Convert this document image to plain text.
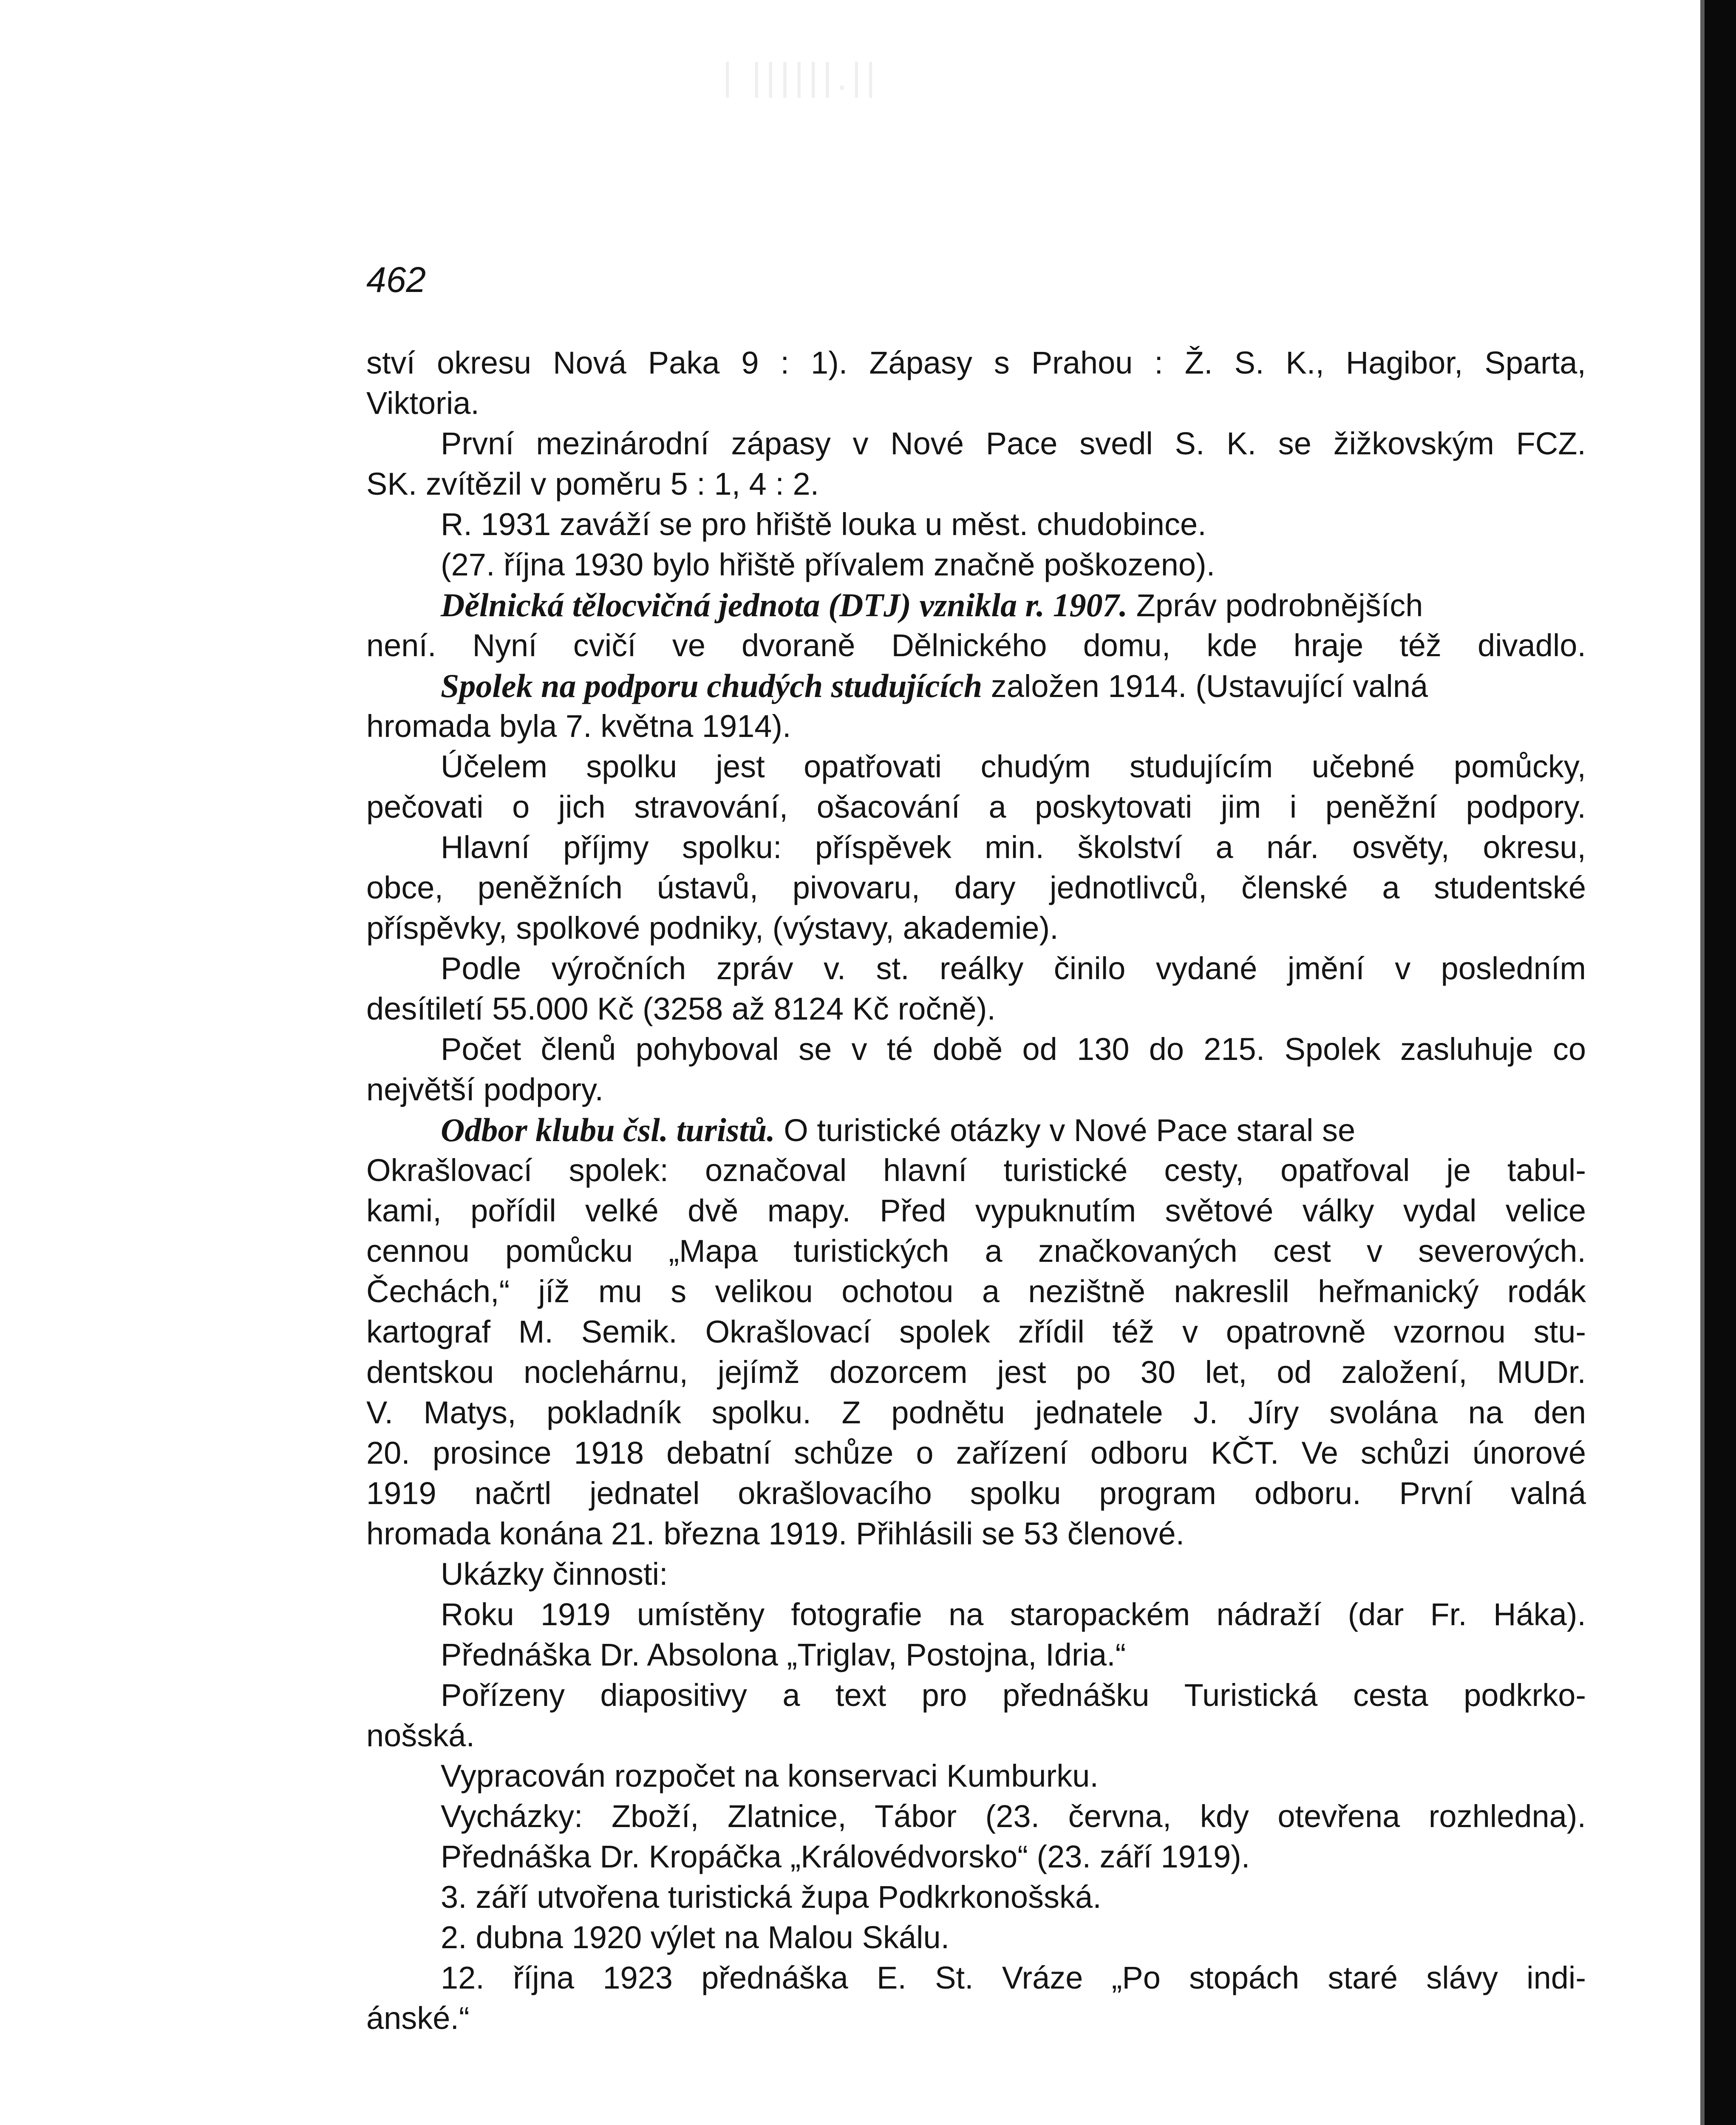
| ||||||.||
462
ství okresu Nová Paka 9 : 1). Zápasy s Prahou : Ž. S. K., Hagibor, Sparta,
Viktoria.
První mezinárodní zápasy v Nové Pace svedl S. K. se žižkovským FCZ.
SK. zvítězil v poměru 5 : 1, 4 : 2.
R. 1931 zaváží se pro hřiště louka u měst. chudobince.
(27. října 1930 bylo hřiště přívalem značně poškozeno).
Dělnická tělocvičná jednota (DTJ) vznikla r. 1907. Zpráv podrobnějších
není. Nyní cvičí ve dvoraně Dělnického domu, kde hraje též divadlo.
Spolek na podporu chudých studujících založen 1914. (Ustavující valná
hromada byla 7. května 1914).
Účelem spolku jest opatřovati chudým studujícím učebné pomůcky,
pečovati o jich stravování, ošacování a poskytovati jim i peněžní podpory.
Hlavní příjmy spolku: příspěvek min. školství a nár. osvěty, okresu,
obce, peněžních ústavů, pivovaru, dary jednotlivců, členské a studentské
příspěvky, spolkové podniky, (výstavy, akademie).
Podle výročních zpráv v. st. reálky činilo vydané jmění v posledním
desítiletí 55.000 Kč (3258 až 8124 Kč ročně).
Počet členů pohyboval se v té době od 130 do 215. Spolek zasluhuje co
největší podpory.
Odbor klubu čsl. turistů. O turistické otázky v Nové Pace staral se
Okrašlovací spolek: označoval hlavní turistické cesty, opatřoval je tabul-
kami, pořídil velké dvě mapy. Před vypuknutím světové války vydal velice
cennou pomůcku „Mapa turistických a značkovaných cest v severových.
Čechách,“ jíž mu s velikou ochotou a nezištně nakreslil heřmanický rodák
kartograf M. Semik. Okrašlovací spolek zřídil též v opatrovně vzornou stu-
dentskou noclehárnu, jejímž dozorcem jest po 30 let, od založení, MUDr.
V. Matys, pokladník spolku. Z podnětu jednatele J. Jíry svolána na den
20. prosince 1918 debatní schůze o zařízení odboru KČT. Ve schůzi únorové
1919 načrtl jednatel okrašlovacího spolku program odboru. První valná
hromada konána 21. března 1919. Přihlásili se 53 členové.
Ukázky činnosti:
Roku 1919 umístěny fotografie na staropackém nádraží (dar Fr. Háka).
Přednáška Dr. Absolona „Triglav, Postojna, Idria.“
Pořízeny diapositivy a text pro přednášku Turistická cesta podkrko-
nošská.
Vypracován rozpočet na konservaci Kumburku.
Vycházky: Zboží, Zlatnice, Tábor (23. června, kdy otevřena rozhledna).
Přednáška Dr. Kropáčka „Královédvorsko“ (23. září 1919).
3. září utvořena turistická župa Podkrkonošská.
2. dubna 1920 výlet na Malou Skálu.
12. října 1923 přednáška E. St. Vráze „Po stopách staré slávy indi-
ánské.“
